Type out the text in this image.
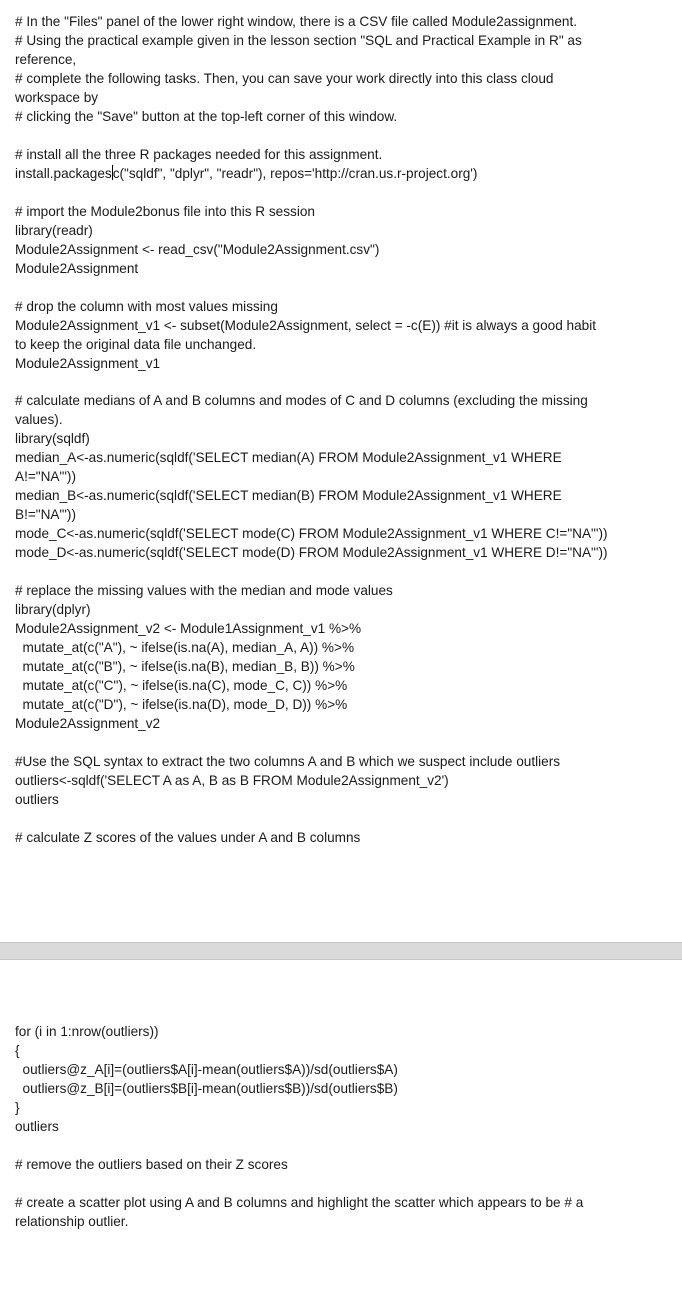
# In the "Files" panel of the lower right window, there is a CSV file called Module2assignment.
# Using the practical example given in the lesson section "SQL and Practical Example in R" as
reference,
# complete the following tasks. Then, you can save your work directly into this class cloud
workspace by
# clicking the "Save" button at the top-left corner of this window.
# install all the three R packages needed for this assignment.
install.packagesc("sqldf", "dplyr", "readr"), repos='http://cran.us.r-project.org')
# import the Module2bonus file into this R session
library(readr)
Module2Assignment <- read_csv("Module2Assignment.csv")
Module2Assignment
# drop the column with most values missing
Module2Assignment_v1 <- subset(Module2Assignment, select = -c(E)) #it is always a good habit
to keep the original data file unchanged.
Module2Assignment_v1
# calculate medians of A and B columns and modes of C and D columns (excluding the missing
values).
library(sqldf)
median_A<-as.numeric(sqldf('SELECT median(A) FROM Module2Assignment_v1 WHERE
A!="NA"'))
median_B<-as.numeric(sqldf('SELECT median(B) FROM Module2Assignment_v1 WHERE
B!="NA"'))
mode_C<-as.numeric(sqldf('SELECT mode(C) FROM Module2Assignment_v1 WHERE C!="NA"'))
mode_D<-as.numeric(sqldf('SELECT mode(D) FROM Module2Assignment_v1 WHERE D!="NA"'))
# replace the missing values with the median and mode values
library(dplyr)
Module2Assignment_v2 <- Module1Assignment_v1 %>%
mutate_at(c("A"), ~ ifelse(is.na(A), median_A, A)) %>%
mutate_at(c("B"), ~ ifelse(is.na(B), median_B, B)) %>%
mutate_at(c("C"), ~ ifelse(is.na(C), mode_C, C)) %>%
mutate_at(c("D"), ~ ifelse(is.na(D), mode_D, D)) %>%
Module2Assignment_v2
#Use the SQL syntax to extract the two columns A and B which we suspect include outliers
outliers<-sqldf('SELECT A as A, B as B FROM Module2Assignment_v2')
outliers
# calculate Z scores of the values under A and B columns
for (i in 1:nrow(outliers))
{
outliers@z_A[i]=(outliers$A[i]-mean(outliers$A))/sd(outliers$A)
outliers@z_B[i]=(outliers$B[i]-mean(outliers$B))/sd(outliers$B)
}
outliers
# remove the outliers based on their Z scores
# create a scatter plot using A and B columns and highlight the scatter which appears to be # a
relationship outlier.
